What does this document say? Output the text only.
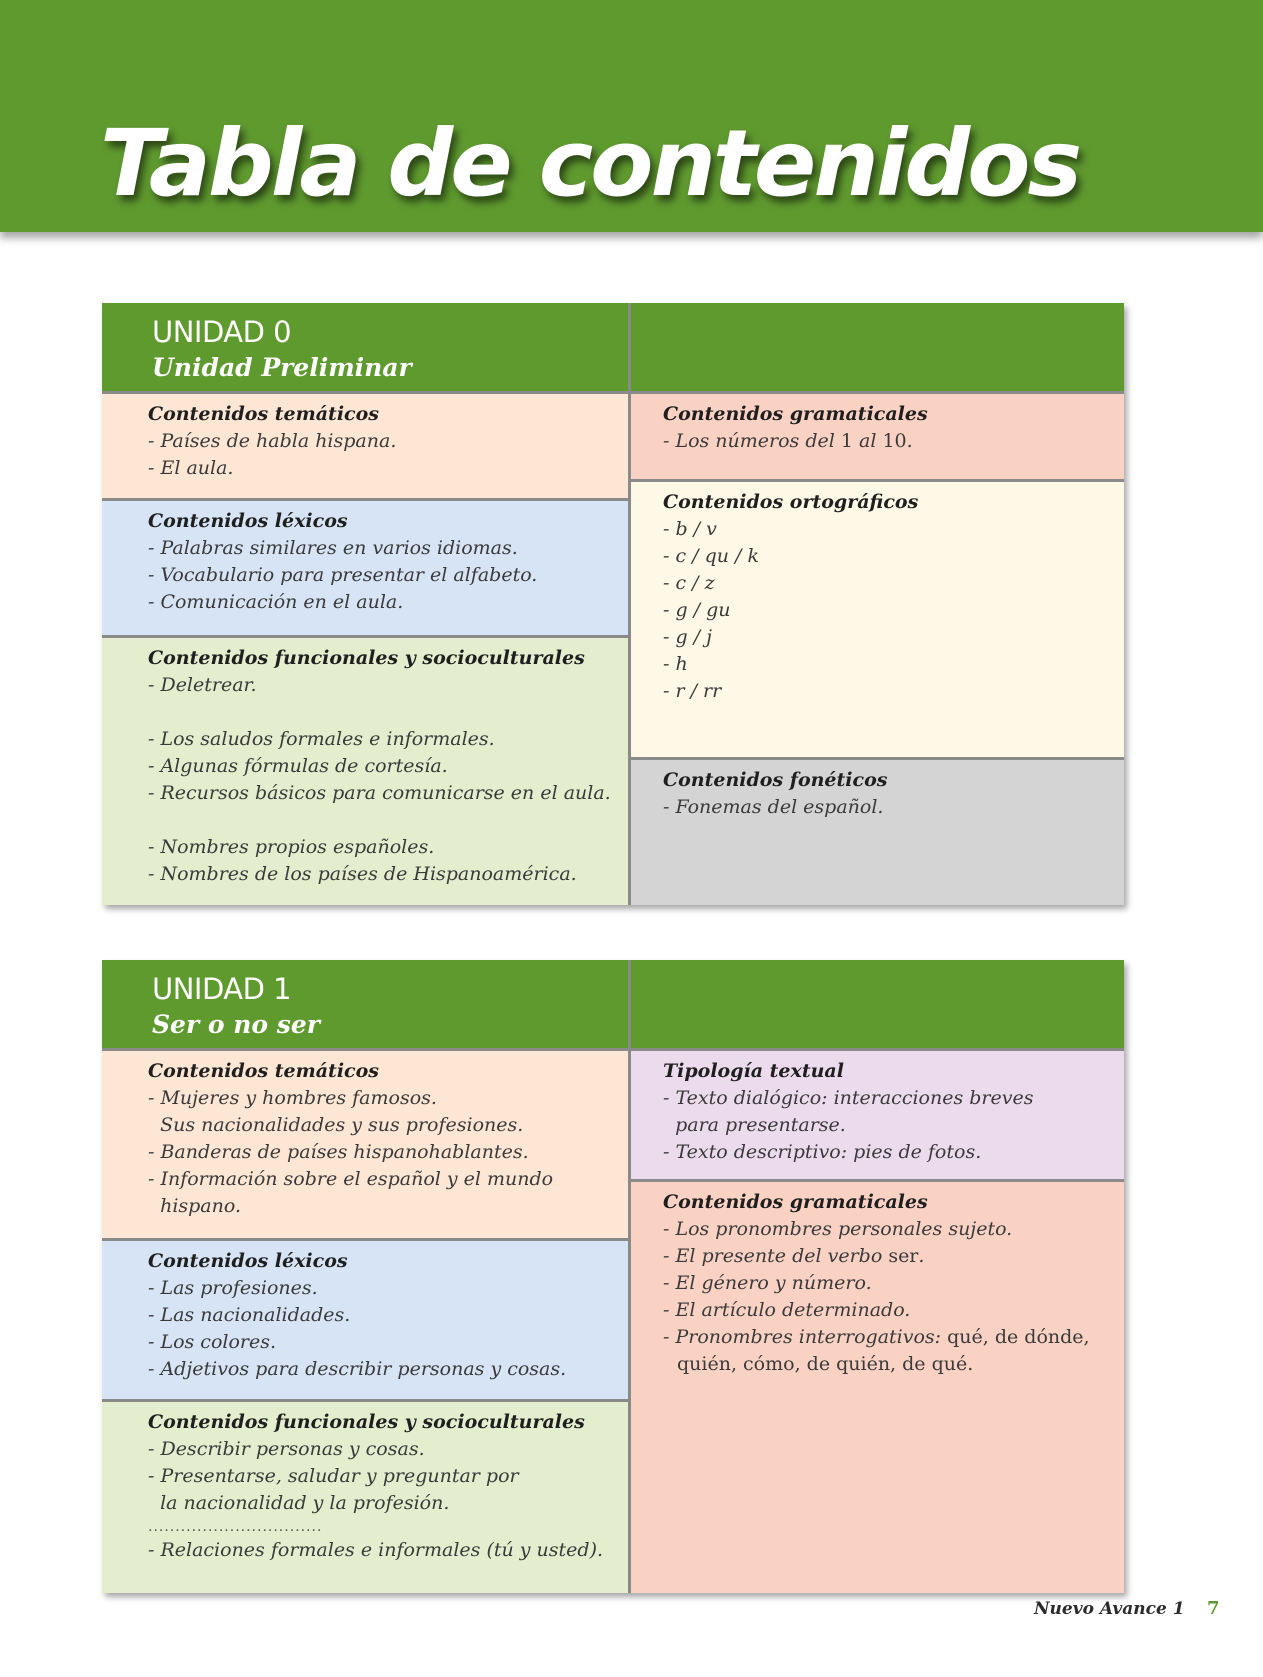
Tabla de contenidos
UNIDAD 0
Unidad Preliminar
Contenidos temáticos
- Países de habla hispana.
- El aula.
Contenidos léxicos
- Palabras similares en varios idiomas.
- Vocabulario para presentar el alfabeto.
- Comunicación en el aula.
Contenidos funcionales y socioculturales
- Deletrear.
- Los saludos formales e informales.
- Algunas fórmulas de cortesía.
- Recursos básicos para comunicarse en el aula.
- Nombres propios españoles.
- Nombres de los países de Hispanoamérica.
Contenidos gramaticales
- Los números del 1 al 10.
Contenidos ortográficos
- b / v
- c / qu / k
- c / z
- g / gu
- g / j
- h
- r / rr
Contenidos fonéticos
- Fonemas del español.
UNIDAD 1
Ser o no ser
Contenidos temáticos
- Mujeres y hombres famosos.
Sus nacionalidades y sus profesiones.
- Banderas de países hispanohablantes.
- Información sobre el español y el mundo
hispano.
Contenidos léxicos
- Las profesiones.
- Las nacionalidades.
- Los colores.
- Adjetivos para describir personas y cosas.
Contenidos funcionales y socioculturales
- Describir personas y cosas.
- Presentarse, saludar y preguntar por
la nacionalidad y la profesión.
................................
- Relaciones formales e informales (tú y usted).
Tipología textual
- Texto dialógico: interacciones breves
para presentarse.
- Texto descriptivo: pies de fotos.
Contenidos gramaticales
- Los pronombres personales sujeto.
- El presente del verbo ser.
- El género y número.
- El artículo determinado.
- Pronombres interrogativos: qué, de dónde,
quién, cómo, de quién, de qué.
Nuevo Avance 1 7
